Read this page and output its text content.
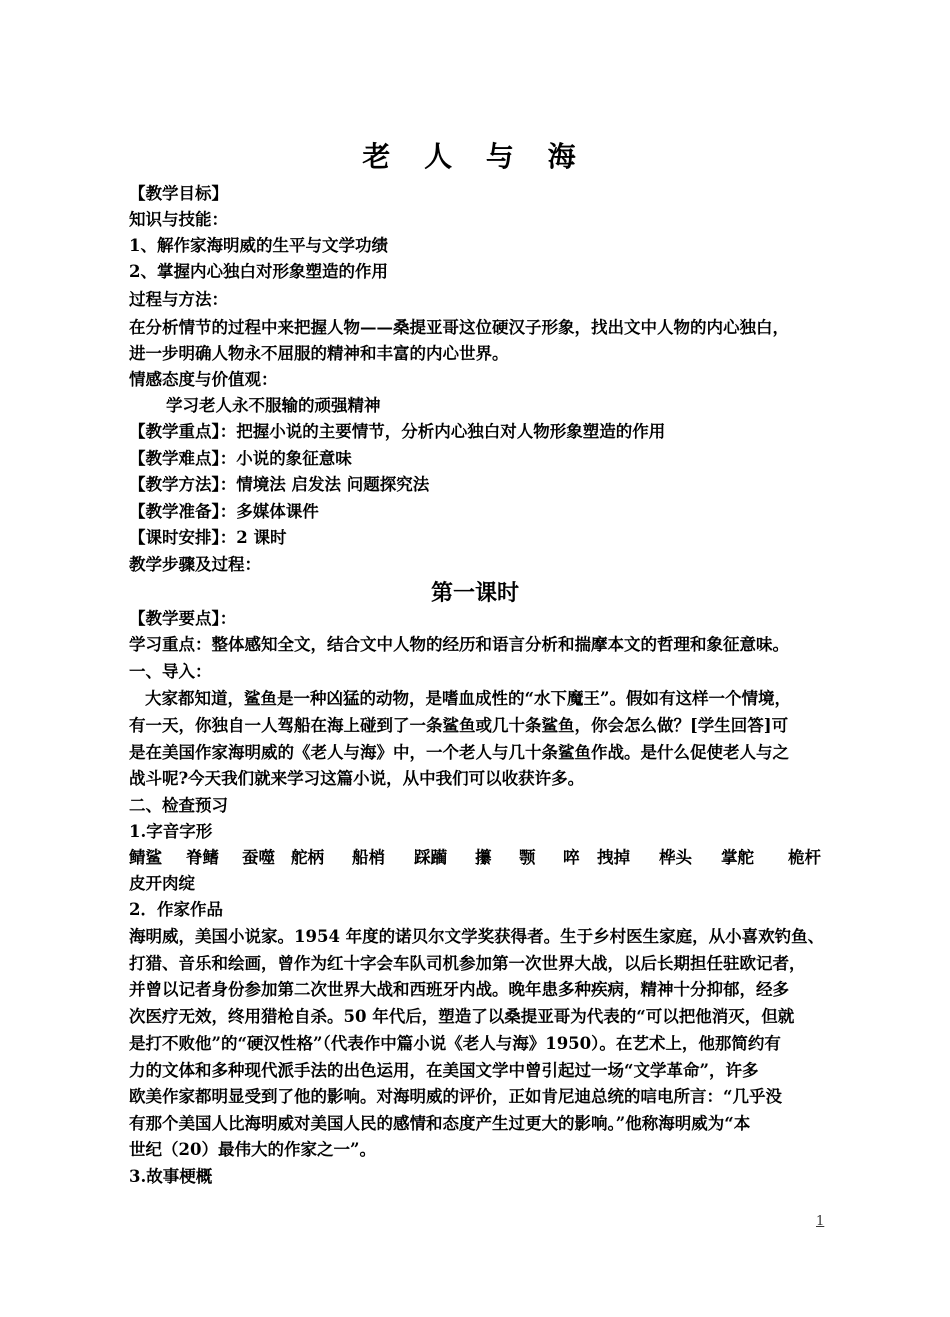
老 人 与 海
【教学目标】
知识与技能：
1、解作家海明威的生平与文学功绩
2、掌握内心独白对形象塑造的作用
过程与方法：
在分析情节的过程中来把握人物——桑提亚哥这位硬汉子形象，找出文中人物的内心独白，
进一步明确人物永不屈服的精神和丰富的内心世界。
情感态度与价值观：
学习老人永不服输的顽强精神
【教学重点】：把握小说的主要情节，分析内心独白对人物形象塑造的作用
【教学难点】：小说的象征意味
【教学方法】：情境法 启发法 问题探究法
【教学准备】：多媒体课件
【课时安排】：2 课时
教学步骤及过程：
第一课时
【教学要点】：
学习重点：整体感知全文，结合文中人物的经历和语言分析和揣摩本文的哲理和象征意味。
一、导入：
大家都知道，鲨鱼是一种凶猛的动物，是嗜血成性的“水下魔王”。假如有这样一个情境，
有一天，你独自一人驾船在海上碰到了一条鲨鱼或几十条鲨鱼，你会怎么做？[学生回答]可
是在美国作家海明威的《老人与海》中，一个老人与几十条鲨鱼作战。是什么促使老人与之
战斗呢?今天我们就来学习这篇小说，从中我们可以收获许多。
二、检查预习
1.字音字形
鲭鲨 脊鳍 蚕噬 舵柄 船梢 踩躏 攥 颚 啐 拽掉 桦头 掌舵 桅杆
皮开肉绽
2．作家作品
海明威，美国小说家。1954 年度的诺贝尔文学奖获得者。生于乡村医生家庭，从小喜欢钓鱼、
打猎、音乐和绘画，曾作为红十字会车队司机参加第一次世界大战，以后长期担任驻欧记者，
并曾以记者身份参加第二次世界大战和西班牙内战。晚年患多种疾病，精神十分抑郁，经多
次医疗无效，终用猎枪自杀。50 年代后，塑造了以桑提亚哥为代表的“可以把他消灭，但就
是打不败他”的“硬汉性格”（代表作中篇小说《老人与海》1950）。在艺术上，他那简约有
力的文体和多种现代派手法的出色运用，在美国文学中曾引起过一场“文学革命”，许多
欧美作家都明显受到了他的影响。对海明威的评价，正如肯尼迪总统的唁电所言：“几乎没
有那个美国人比海明威对美国人民的感情和态度产生过更大的影响。”他称海明威为“本
世纪（20）最伟大的作家之一”。
3.故事梗概
1
